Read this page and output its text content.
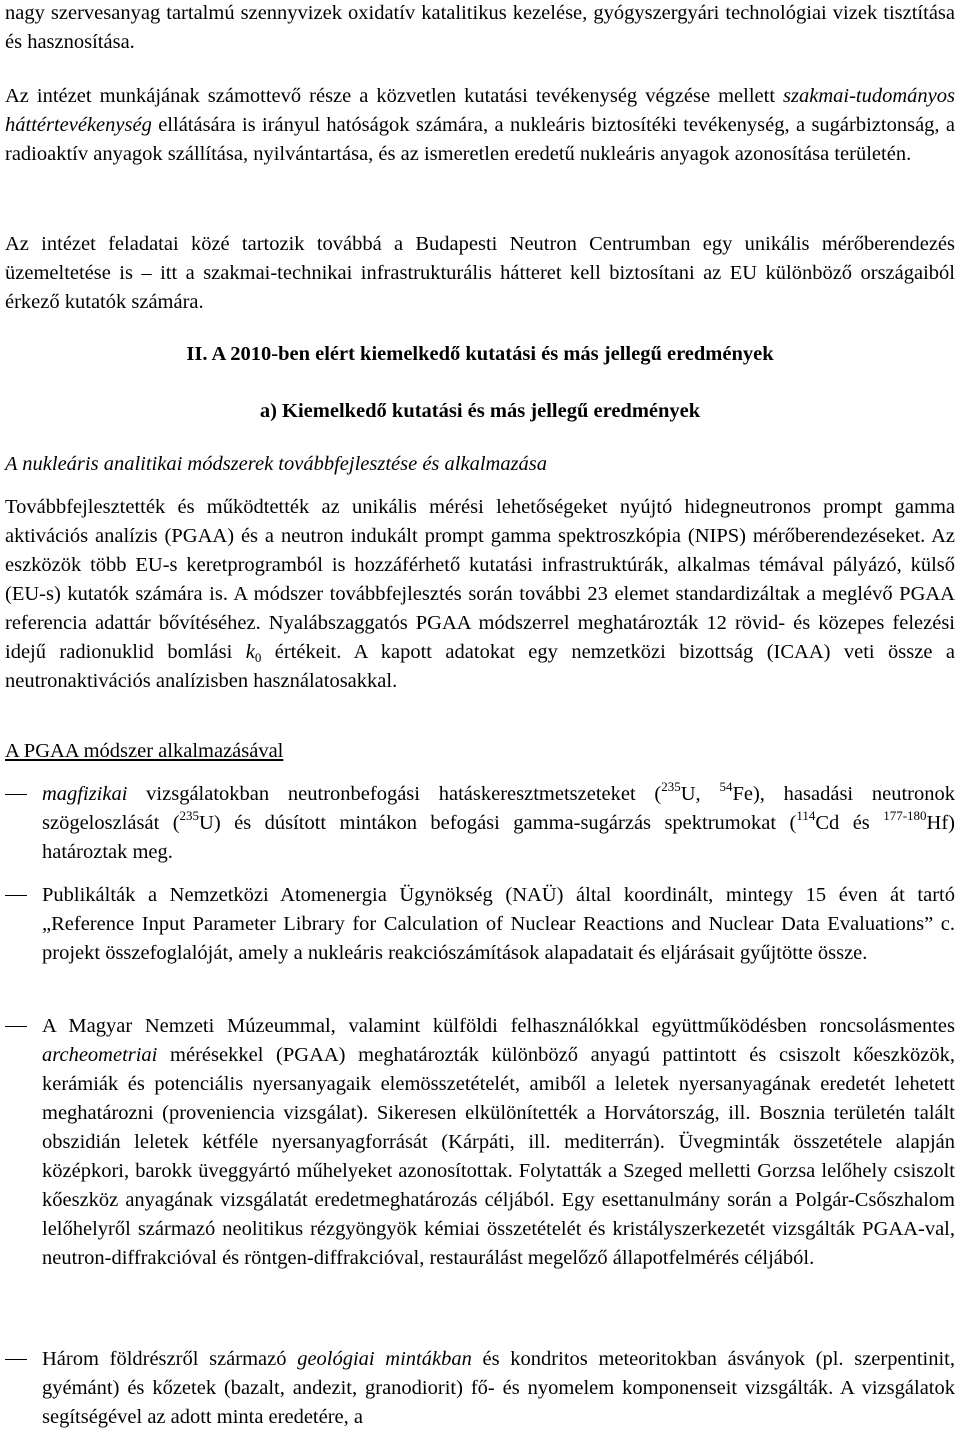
nagy szervesanyag tartalmú szennyvizek oxidatív katalitikus kezelése, gyógyszergyári technológiai vizek tisztítása és hasznosítása.

Az intézet munkájának számottevő része a közvetlen kutatási tevékenység végzése mellett szakmai-tudományos háttértevékenység ellátására is irányul hatóságok számára, a nukleáris biztosítéki tevékenység, a sugárbiztonság, a radioaktív anyagok szállítása, nyilvántartása, és az ismeretlen eredetű nukleáris anyagok azonosítása területén.

Az intézet feladatai közé tartozik továbbá a Budapesti Neutron Centrumban egy unikális mérőberendezés üzemeltetése is – itt a szakmai-technikai infrastrukturális hátteret kell biztosítani az EU különböző országaiból érkező kutatók számára.

II. A 2010-ben elért kiemelkedő kutatási és más jellegű eredmények
a) Kiemelkedő kutatási és más jellegű eredmények

A nukleáris analitikai módszerek továbbfejlesztése és alkalmazása

Továbbfejlesztették és működtették az unikális mérési lehetőségeket nyújtó hidegneutronos prompt gamma aktivációs analízis (PGAA) és a neutron indukált prompt gamma spektroszkópia (NIPS) mérőberendezéseket. Az eszközök több EU-s keretprogramból is hozzáférhető kutatási infrastruktúrák, alkalmas témával pályázó, külső (EU-s) kutatók számára is. A módszer továbbfejlesztés során további 23 elemet standardizáltak a meglévő PGAA referencia adattár bővítéséhez. Nyalábszaggatós PGAA módszerrel meghatározták 12 rövid- és közepes felezési idejű radionuklid bomlási $k_0$ értékeit. A kapott adatokat egy nemzetközi bizottság (ICAA) veti össze a neutronaktivációs analízisben használatosakkal.

A PGAA módszer alkalmazásával

magfizikai vizsgálatokban neutronbefogási hatáskeresztmetszeteket ($^{235}$U, $^{54}$Fe), hasadási neutronok szögeloszlását ($^{235}$U) és dúsított mintákon befogási gamma-sugárzás spektrumokat ($^{114}$Cd és $^{177-180}$Hf) határoztak meg.

Publikálták a Nemzetközi Atomenergia Ügynökség (NAÜ) által koordinált, mintegy 15 éven át tartó „Reference Input Parameter Library for Calculation of Nuclear Reactions and Nuclear Data Evaluations” c. projekt összefoglalóját, amely a nukleáris reakciószámítások alapadatait és eljárásait gyűjtötte össze.

A Magyar Nemzeti Múzeummal, valamint külföldi felhasználókkal együttműködésben roncsolásmentes archeometriai mérésekkel (PGAA) meghatározták különböző anyagú pattintott és csiszolt kőeszközök, kerámiák és potenciális nyersanyagaik elemösszetételét, amiből a leletek nyersanyagának eredetét lehetett meghatározni (proveniencia vizsgálat). Sikeresen elkülönítették a Horvátország, ill. Bosznia területén talált obszidián leletek kétféle nyersanyagforrását (Kárpáti, ill. mediterrán). Üvegminták összetétele alapján középkori, barokk üveggyártó műhelyeket azonosítottak. Folytatták a Szeged melletti Gorzsa lelőhely csiszolt kőeszköz anyagának vizsgálatát eredetmeghatározás céljából. Egy esettanulmány során a Polgár-Csőszhalom lelőhelyről származó neolitikus rézgyöngyök kémiai összetételét és kristályszerkezetét vizsgálták PGAA-val, neutron-diffrakcióval és röntgen-diffrakcióval, restaurálást megelőző állapotfelmérés céljából.

Három földrészről származó geológiai mintákban és kondritos meteoritokban ásványok (pl. szerpentinit, gyémánt) és kőzetek (bazalt, andezit, granodiorit) fő- és nyomelem komponenseit vizsgálták. A vizsgálatok segítségével az adott minta eredetére, a
